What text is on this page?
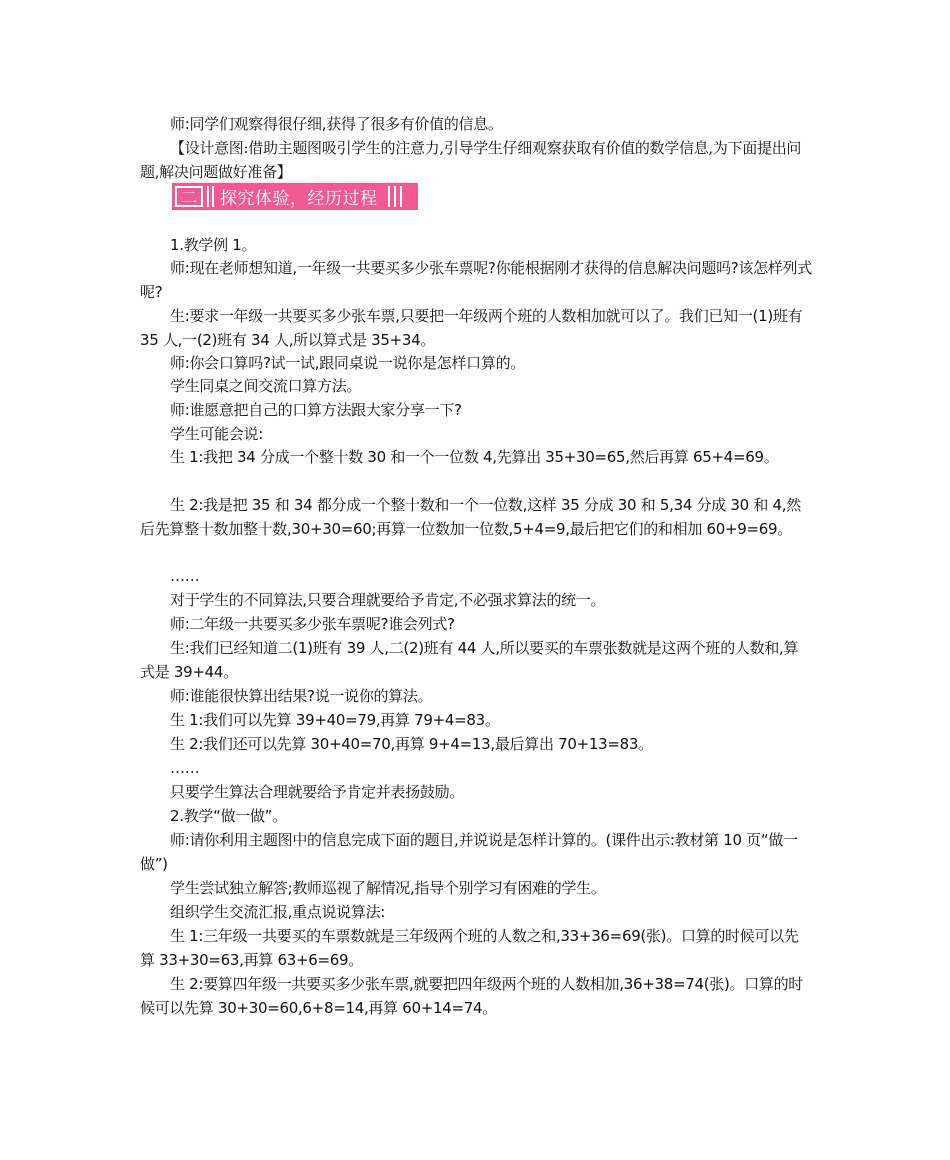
师:同学们观察得很仔细,获得了很多有价值的信息。
【设计意图:借助主题图吸引学生的注意力,引导学生仔细观察获取有价值的数学信息,为下面提出问题,解决问题做好准备】
二 探究体验，经历过程
1.教学例 1。
师:现在老师想知道,一年级一共要买多少张车票呢?你能根据刚才获得的信息解决问题吗?该怎样列式呢?
生:要求一年级一共要买多少张车票,只要把一年级两个班的人数相加就可以了。我们已知一(1)班有 35 人,一(2)班有 34 人,所以算式是 35+34。
师:你会口算吗?试一试,跟同桌说一说你是怎样口算的。
学生同桌之间交流口算方法。
师:谁愿意把自己的口算方法跟大家分享一下?
学生可能会说:
生 1:我把 34 分成一个整十数 30 和一个一位数 4,先算出 35+30=65,然后再算 65+4=69。
生 2:我是把 35 和 34 都分成一个整十数和一个一位数,这样 35 分成 30 和 5,34 分成 30 和 4,然后先算整十数加整十数,30+30=60;再算一位数加一位数,5+4=9,最后把它们的和相加 60+9=69。
……
对于学生的不同算法,只要合理就要给予肯定,不必强求算法的统一。
师:二年级一共要买多少张车票呢?谁会列式?
生:我们已经知道二(1)班有 39 人,二(2)班有 44 人,所以要买的车票张数就是这两个班的人数和,算式是 39+44。
师:谁能很快算出结果?说一说你的算法。
生 1:我们可以先算 39+40=79,再算 79+4=83。
生 2:我们还可以先算 30+40=70,再算 9+4=13,最后算出 70+13=83。
……
只要学生算法合理就要给予肯定并表扬鼓励。
2.教学“做一做”。
师:请你利用主题图中的信息完成下面的题目,并说说是怎样计算的。(课件出示:教材第 10 页“做一做”)
学生尝试独立解答;教师巡视了解情况,指导个别学习有困难的学生。
组织学生交流汇报,重点说说算法:
生 1:三年级一共要买的车票数就是三年级两个班的人数之和,33+36=69(张)。口算的时候可以先算 33+30=63,再算 63+6=69。
生 2:要算四年级一共要买多少张车票,就要把四年级两个班的人数相加,36+38=74(张)。口算的时候可以先算 30+30=60,6+8=14,再算 60+14=74。
